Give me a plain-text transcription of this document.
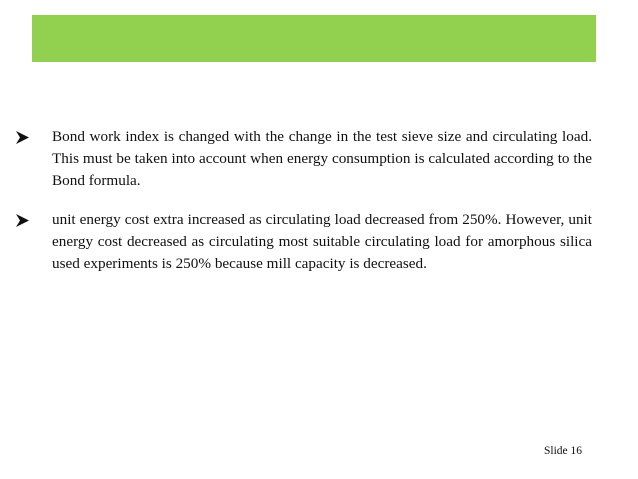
Bond work index is changed with the change in the test sieve size and circulating load. This must be taken into account when energy consumption is calculated according to the Bond formula.

unit energy cost extra increased as circulating load decreased from 250%. However, unit energy cost decreased as circulating most suitable circulating load for amorphous silica used experiments is 250% because mill capacity is decreased.

Slide 16
